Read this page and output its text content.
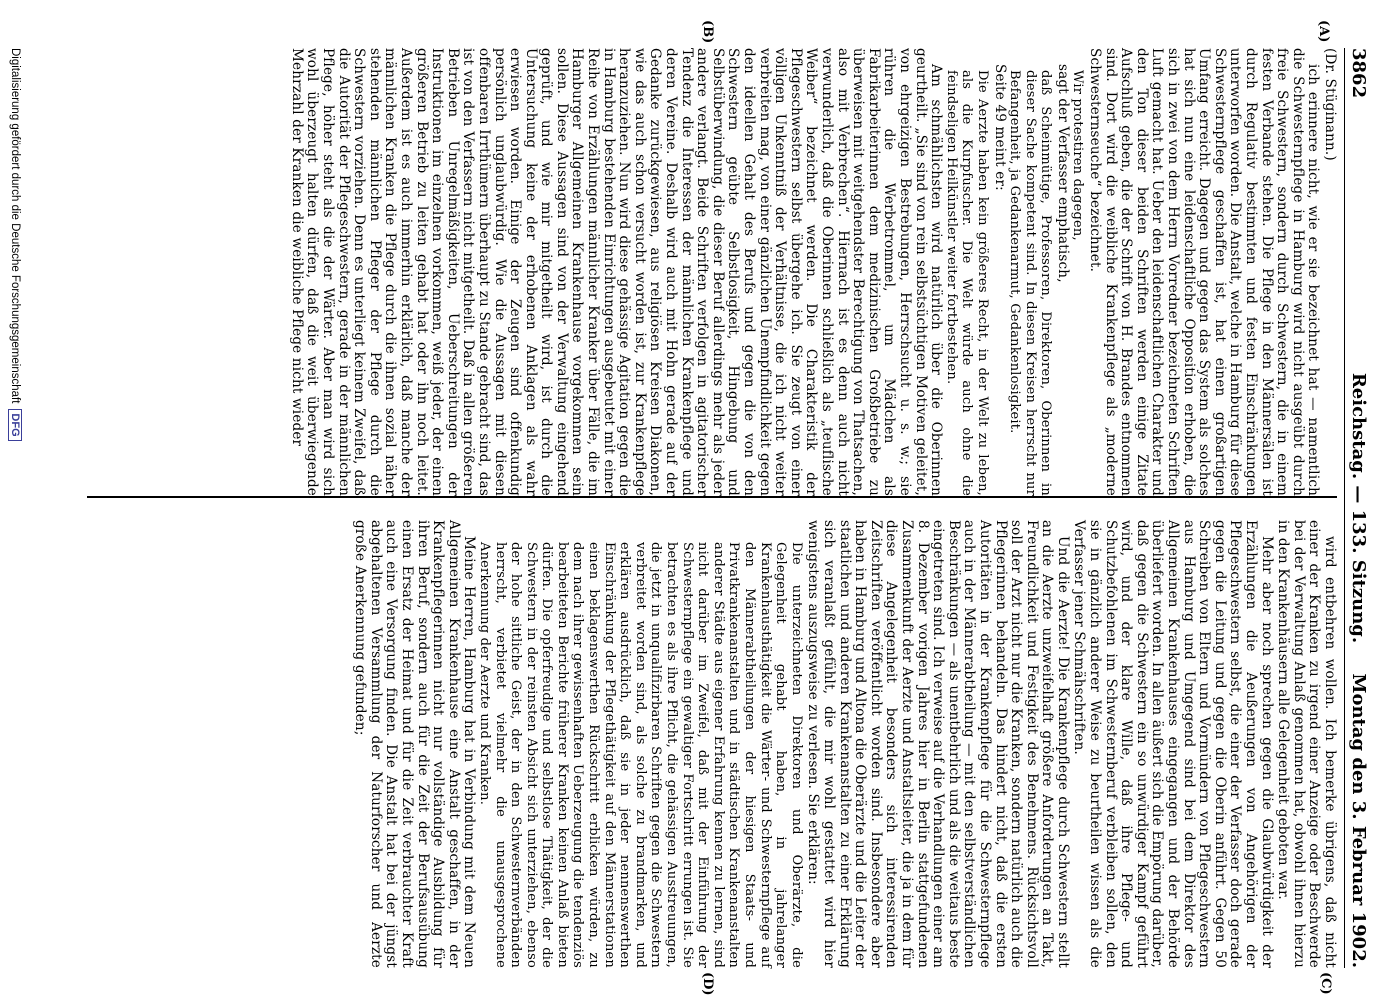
3862
Reichstag. — 133. Sitzung.
Montag den 3. Februar 1902.
(A)
(B)
(C)
(D)

(Dr. Stüginann.)

ich erinnere nicht, wie er sie bezeichnet hat — namentlich die Schwesternpflege in Hamburg wird nicht ausgeübt durch freie Schwestern, sondern durch Schwestern, die in einem festen Verbande stehen. Die Pflege in den Männersälen ist durch Regulativ bestimmten und festen Einschränkungen unterworfen worden. Die Anstalt, welche in Hamburg für diese Schwesternpflege geschaffen ist, hat einen großartigen Umfang erreicht. Dagegen und gegen das System als solches hat sich nun eine leidenschaftliche Opposition erhoben, die sich in zwei von dem Herrn Vorredner bezeichneten Schriften Luft gemacht hat. Ueber den leidenschaftlichen Charakter und den Ton dieser beiden Schriften werden einige Zitate Aufschluß geben, die der Schrift von H. Brandes entnommen sind. Dort wird die weibliche Krankenpflege als „moderne Schwesternseuche“ bezeichnet.

Wir protestiren dagegen,

sagt der Verfasser emphatisch,

daß Scheinmütige, Professoren, Direktoren, Oberinnen in dieser Sache kompetent sind. In diesen Kreisen herrscht nur Befangenheit, ja Gedankenarmut, Gedankenlosigkeit.

Seite 49 meint er:

Die Aerzte haben kein größeres Recht, in der Welt zu leben, als die Kurpfuscher. Die Welt würde auch ohne die feindseligen Heilkünstler weiter fortbestehen.

Am schmählichsten wird natürlich über die Oberinnen geurtheilt. „Sie sind von rein selbstsüchtigen Motiven geleitet, von ehrgeizigen Bestrebungen, Herrschsucht u. s. w.; sie rühren die Werbetrommel, um Mädchen als Fabrikarbeiterinnen dem medizinischen Großbetriebe zu überweisen mit weitgehendster Berechtigung von Thatsachen, also mit Verbrechen“. Hiernach ist es denn auch nicht verwunderlich, daß die Oberinnen schließlich als „teuflische Weiber“ bezeichnet werden. Die Charakteristik der Pflegeschwestern selbst übergehe ich. Sie zeugt von einer völligen Unkenntniß der Verhältnisse, die ich nicht weiter verbreiten mag, von einer gänzlichen Unempfindlichkeit gegen den ideellen Gehalt des Berufs und gegen die von den Schwestern geübte Selbstlosigkeit, Hingebung und Selbstüberwindung, die dieser Beruf allerdings mehr als jeder andere verlangt. Beide Schriften verfolgen in agitatorischer Tendenz die Interessen der männlichen Krankenpflege und deren Vereine. Deshalb wird auch mit Hohn gerade auf der Gedanke zurückgewiesen, aus religiösen Kreisen Diakonen, wie das auch schon versucht worden ist, zur Krankenpflege heranzuziehen. Nun wird diese gehässige Agitation gegen die in Hamburg bestehenden Einrichtungen ausgebeutet mit einer Reihe von Erzählungen männlicher Kranker über Fälle, die im Hamburger Allgemeinen Krankenhause vorgekommen sein sollen. Diese Aussagen sind von der Verwaltung eingehend geprüft, und wie mir mitgetheilt wird, ist durch die Untersuchung keine der erhobenen Anklagen als wahr erwiesen worden. Einige der Zeugen sind offenkundig persönlich unglaubwürdig. Wie die Aussagen mit diesen offenbaren Irrthümern überhaupt zu Stande gebracht sind, das ist von den Verfassern nicht mitgetheilt. Daß in allen größeren Betrieben Unregelmäßigkeiten, Ueberschreitungen der Instruktionen im einzelnen vorkommen, weiß jeder, der einen größeren Betrieb zu leiten gehabt hat oder ihn noch leitet. Außerdem ist es auch immerhin erklärlich, daß manche der männlichen Kranken die Pflege durch die ihnen sozial näher stehenden männlichen Pfleger der Pflege durch die Schwestern vorziehen. Denn es unterliegt keinem Zweifel, daß die Autorität der Pflegeschwestern, gerade in der männlichen Pflege, höher steht als die der Wärter. Aber man wird sich wohl überzeugt halten dürfen, daß die weit überwiegende Mehrzahl der Kranken die weibliche Pflege nicht wieder

wird entbehren wollen. Ich bemerke übrigens, daß nicht einer der Kranken zu irgend einer Anzeige oder Beschwerde bei der Verwaltung Anlaß genommen hat, obwohl ihnen hierzu in den Krankenhäusern alle Gelegenheit geboten war.

Mehr aber noch sprechen gegen die Glaubwürdigkeit der Erzählungen die Aeußerungen von Angehörigen der Pflegeschwestern selbst, die einer der Verfasser doch gerade gegen die Leitung und gegen die Oberin anführt. Gegen 50 Schreiben von Eltern und Vormündern von Pflegeschwestern aus Hamburg und Umgegend sind bei dem Direktor des Allgemeinen Krankenhauses eingegangen und der Behörde überliefert worden. In allen äußert sich die Empörung darüber, daß gegen die Schwestern ein so unwürdiger Kampf geführt wird, und der klare Wille, daß ihre Pflege- und Schutzbefohlenen im Schwesternberuf verbleiben sollen, den sie in gänzlich anderer Weise zu beurtheilen wissen als die Verfasser jener Schmähschriften.

Und die Aerzte! Die Krankenpflege durch Schwestern stellt an die Aerzte unzweifelhaft größere Anforderungen an Takt, Freundlichkeit und Festigkeit des Benehmens. Rücksichtsvoll soll der Arzt nicht nur die Kranken, sondern natürlich auch die Pflegerinnen behandeln. Das hindert nicht, daß die ersten Autoritäten in der Krankenpflege für die Schwesternpflege auch in der Männerabtheilung — mit den selbstverständlichen Beschränkungen — als unentbehrlich und als die weitaus beste eingetreten sind. Ich verweise auf die Verhandlungen einer am 8. Dezember vorigen Jahres hier in Berlin stattgefundenen Zusammenkunft der Aerzte und Anstaltsleiter, die ja in dem für diese Angelegenheit besonders sich interessirenden Zeitschriften veröffentlicht worden sind. Insbesondere aber haben in Hamburg und Altona die Oberärzte und die Leiter der staatlichen und anderen Krankenanstalten zu einer Erklärung sich veranlaßt gefühlt, die mir wohl gestattet wird hier wenigstens auszugsweise zu verlesen. Sie erklären:

Die unterzeichneten Direktoren und Oberärzte, die Gelegenheit gehabt haben, in jahrelanger Krankenhausthätigkeit die Wärter- und Schwesternpflege auf den Männerabtheilungen der hiesigen Staats- und Privatkrankenanstalten und in städtischen Krankenanstalten anderer Städte aus eigener Erfahrung kennen zu lernen, sind nicht darüber im Zweifel, daß mit der Einführung der Schwesternpflege ein gewaltiger Fortschritt errungen ist. Sie betrachten es als ihre Pflicht, die gehässigen Ausstreuungen, die jetzt in unqualifizirbaren Schriften gegen die Schwestern verbreitet worden sind, als solche zu brandmarken, und erklären ausdrücklich, daß sie in jeder nennenswerthen Einschränkung der Pflegethätigkeit auf den Männerstationen einen beklagenswerthen Rückschritt erblicken würden, zu dem nach ihrer gewissenhaften Ueberzeugung die tendenziös bearbeiteten Berichte früherer Kranken keinen Anlaß bieten dürfen. Die opferfreudige und selbstlose Thätigkeit, der die Schwestern in der reinsten Absicht sich unterziehen, ebenso der hohe sittliche Geist, der in den Schwesternverbänden herrscht, verbietet vielmehr die unausgesprochene Anerkennung der Aerzte und Kranken.

Meine Herren, Hamburg hat in Verbindung mit dem Neuen Allgemeinen Krankenhause eine Anstalt geschaffen, in der Krankenpflegerinnen nicht nur vollständige Ausbildung für ihren Beruf, sondern auch für die Zeit der Berufsausübung einen Ersatz der Heimat und für die Zeit verbrauchter Kraft auch eine Versorgung finden. Die Anstalt hat bei der jüngst abgehaltenen Versammlung der Naturforscher und Aerzte große Anerkennung gefunden;

Digitalisierung gefördert durch die Deutsche ForschungsgemeinschaftDFG
